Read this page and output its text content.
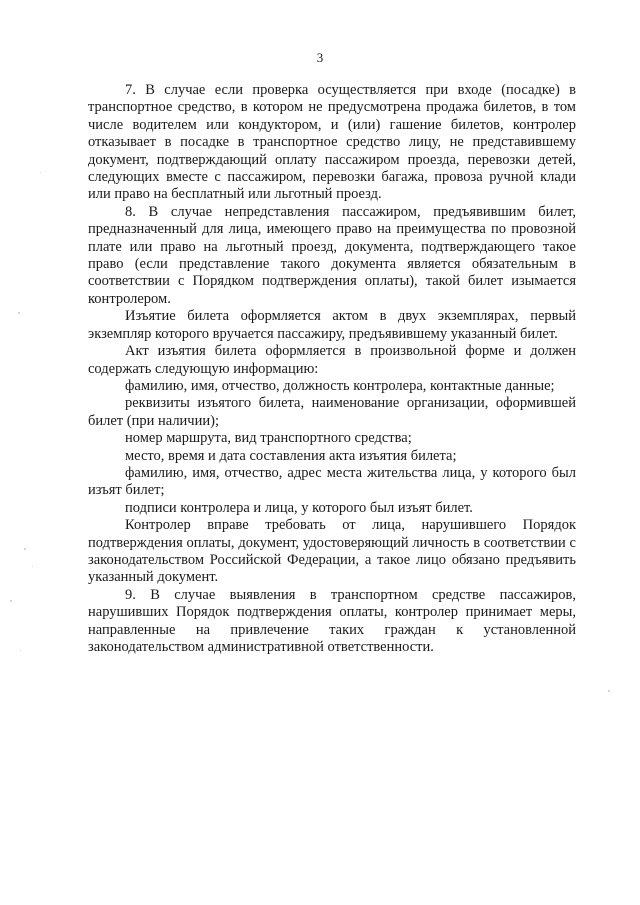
3

7. В случае если проверка осуществляется при входе (посадке) в транспортное средство, в котором не предусмотрена продажа билетов, в том числе водителем или кондуктором, и (или) гашение билетов, контролер отказывает в посадке в транспортное средство лицу, не представившему документ, подтверждающий оплату пассажиром проезда, перевозки детей, следующих вместе с пассажиром, перевозки багажа, провоза ручной клади или право на бесплатный или льготный проезд.

8. В случае непредставления пассажиром, предъявившим билет, предназначенный для лица, имеющего право на преимущества по провозной плате или право на льготный проезд, документа, подтверждающего такое право (если представление такого документа является обязательным в соответствии с Порядком подтверждения оплаты), такой билет изымается контролером.

Изъятие билета оформляется актом в двух экземплярах, первый экземпляр которого вручается пассажиру, предъявившему указанный билет.

Акт изъятия билета оформляется в произвольной форме и должен содержать следующую информацию:

фамилию, имя, отчество, должность контролера, контактные данные;

реквизиты изъятого билета, наименование организации, оформившей билет (при наличии);

номер маршрута, вид транспортного средства;

место, время и дата составления акта изъятия билета;

фамилию, имя, отчество, адрес места жительства лица, у которого был изъят билет;

подписи контролера и лица, у которого был изъят билет.

Контролер вправе требовать от лица, нарушившего Порядок подтверждения оплаты, документ, удостоверяющий личность в соответствии с законодательством Российской Федерации, а такое лицо обязано предъявить указанный документ.

9. В случае выявления в транспортном средстве пассажиров, нарушивших Порядок подтверждения оплаты, контролер принимает меры, направленные на привлечение таких граждан к установленной законодательством административной ответственности.
